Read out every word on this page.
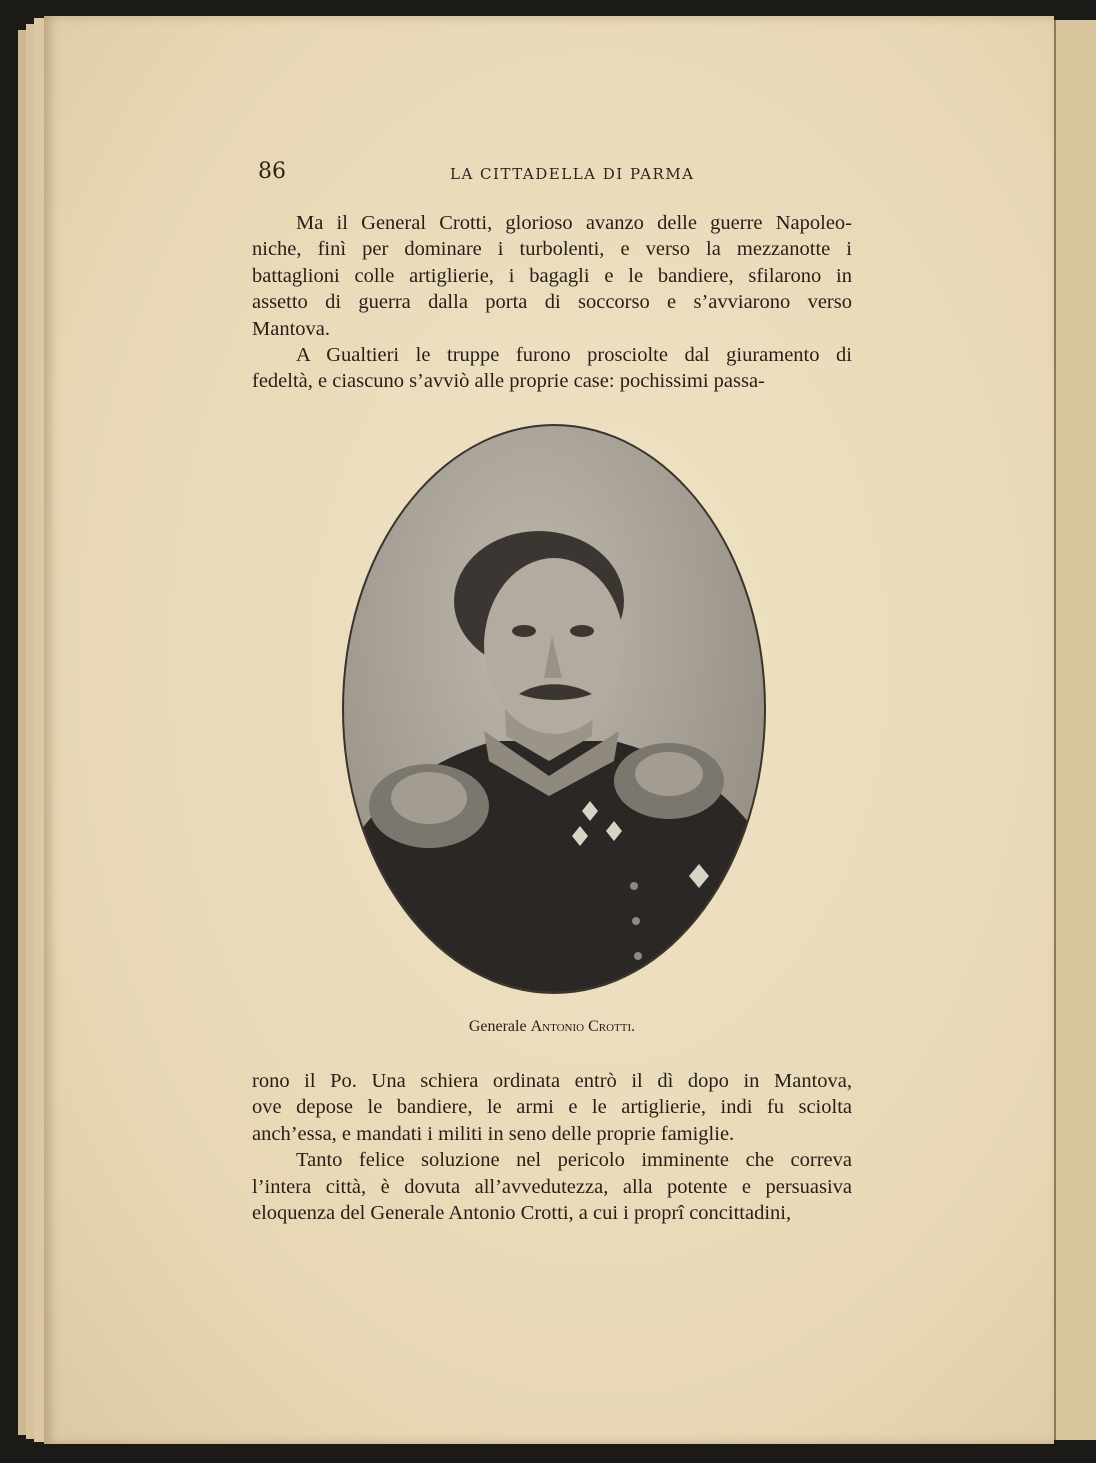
86	LA CITTADELLA DI PARMA

Ma il General Crotti, glorioso avanzo delle guerre Napoleo-
niche, finì per dominare i turbolenti, e verso la mezzanotte i
battaglioni colle artiglierie, i bagagli e le bandiere, sfilarono in
assetto di guerra dalla porta di soccorso e s’avviarono verso
Mantova.

A Gualtieri le truppe furono prosciolte dal giuramento di
fedeltà, e ciascuno s’avviò alle proprie case: pochissimi passa-

Generale Antonio Crotti.

rono il Po. Una schiera ordinata entrò il dì dopo in Mantova,
ove depose le bandiere, le armi e le artiglierie, indi fu sciolta
anch’essa, e mandati i militi in seno delle proprie famiglie.

Tanto felice soluzione nel pericolo imminente che correva
l’intera città, è dovuta all’avvedutezza, alla potente e persuasiva
eloquenza del Generale Antonio Crotti, a cui i proprî concittadini,
